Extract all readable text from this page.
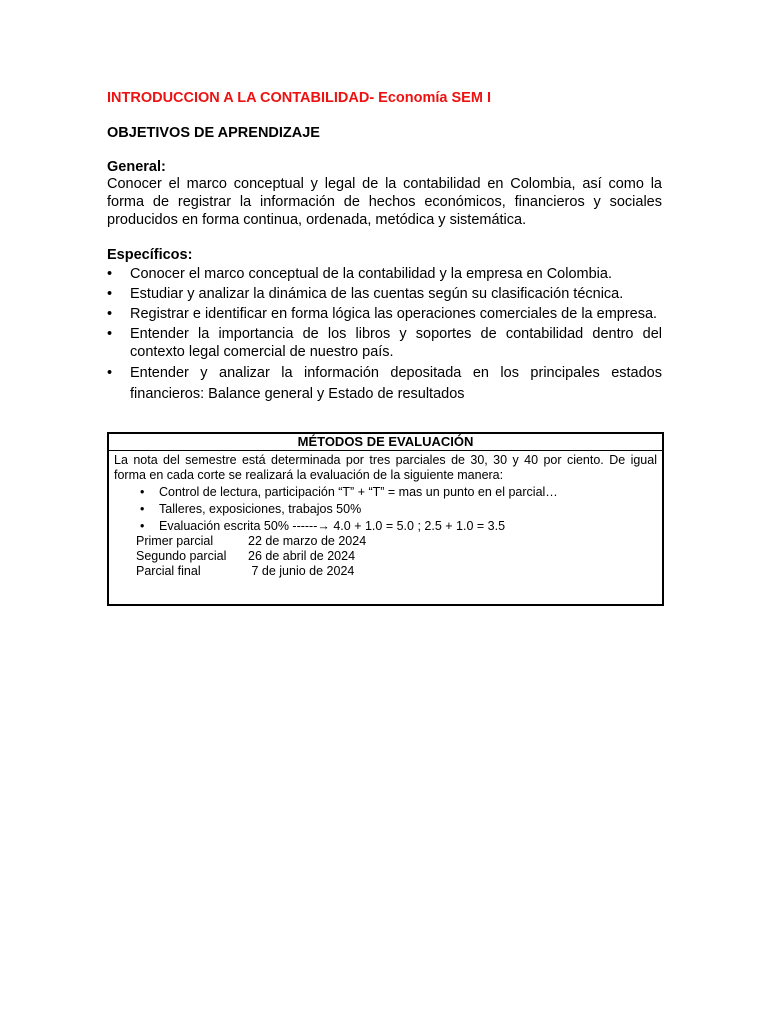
INTRODUCCION A LA CONTABILIDAD- Economía SEM I

OBJETIVOS DE APRENDIZAJE

General:

Conocer el marco conceptual y legal de la contabilidad en Colombia, así como la forma de registrar la información de hechos económicos, financieros y sociales producidos en forma continua, ordenada, metódica y sistemática.

Específicos:

• Conocer el marco conceptual de la contabilidad y la empresa en Colombia.
• Estudiar y analizar la dinámica de las cuentas según su clasificación técnica.
• Registrar e identificar en forma lógica las operaciones comerciales de la empresa.
• Entender la importancia de los libros y soportes de contabilidad dentro del contexto legal comercial de nuestro país.
• Entender y analizar la información depositada en los principales estados financieros: Balance general y Estado de resultados
MÉTODOS DE EVALUACIÓN

La nota del semestre está determinada por tres parciales de 30, 30 y 40 por ciento. De igual forma en cada corte se realizará la evaluación de la siguiente manera:

• Control de lectura, participación “T” + “T” = mas un punto en el parcial…
• Talleres, exposiciones, trabajos 50%
• Evaluación escrita 50% ------→ 4.0 + 1.0 = 5.0 ; 2.5 + 1.0 = 3.5
Primer parcial	22 de marzo de 2024
Segundo parcial	26 de abril de 2024
Parcial final	7 de junio de 2024
